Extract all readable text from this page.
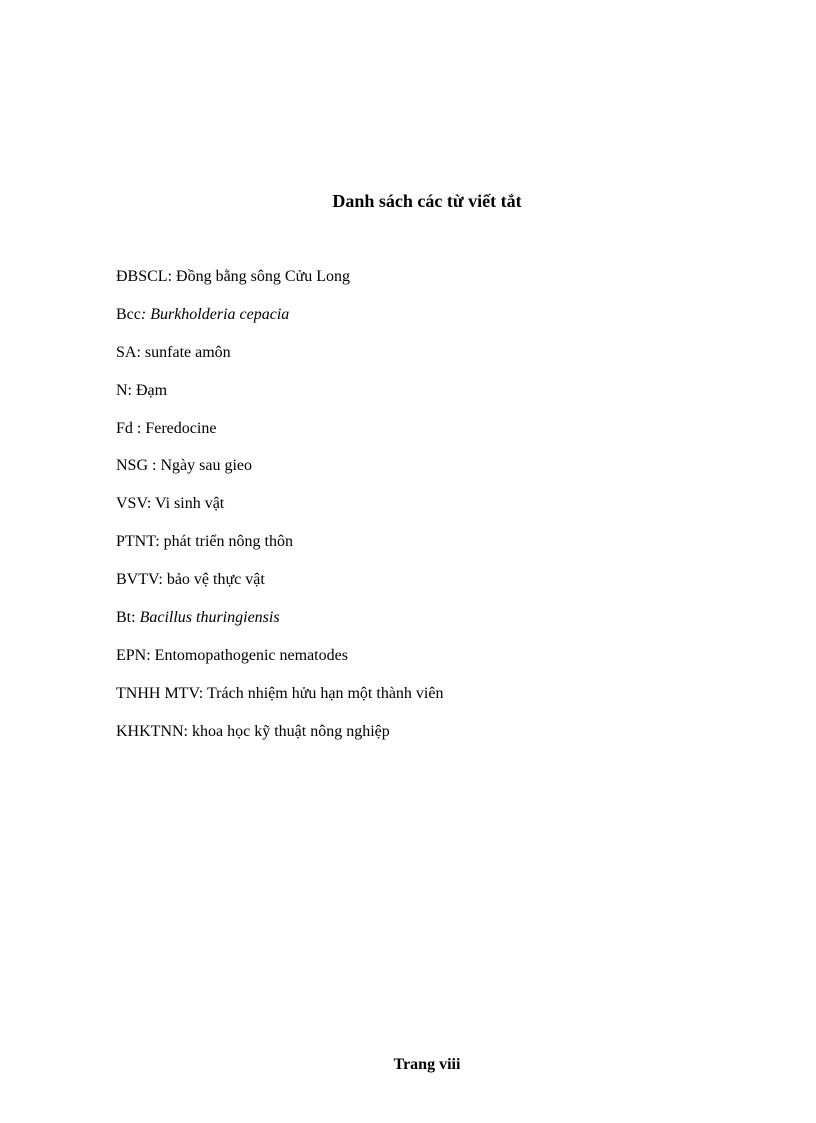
Danh sách các từ viết tắt
ĐBSCL: Đồng bằng sông Cửu Long
Bcc: Burkholderia cepacia
SA: sunfate amôn
N: Đạm
Fd : Feredocine
NSG : Ngày sau gieo
VSV: Vi sinh vật
PTNT: phát triển nông thôn
BVTV: bảo vệ thực vật
Bt: Bacillus thuringiensis
EPN: Entomopathogenic nematodes
TNHH MTV: Trách nhiệm hửu hạn một thành viên
KHKTNN: khoa học kỹ thuật nông nghiệp

Trang viii
